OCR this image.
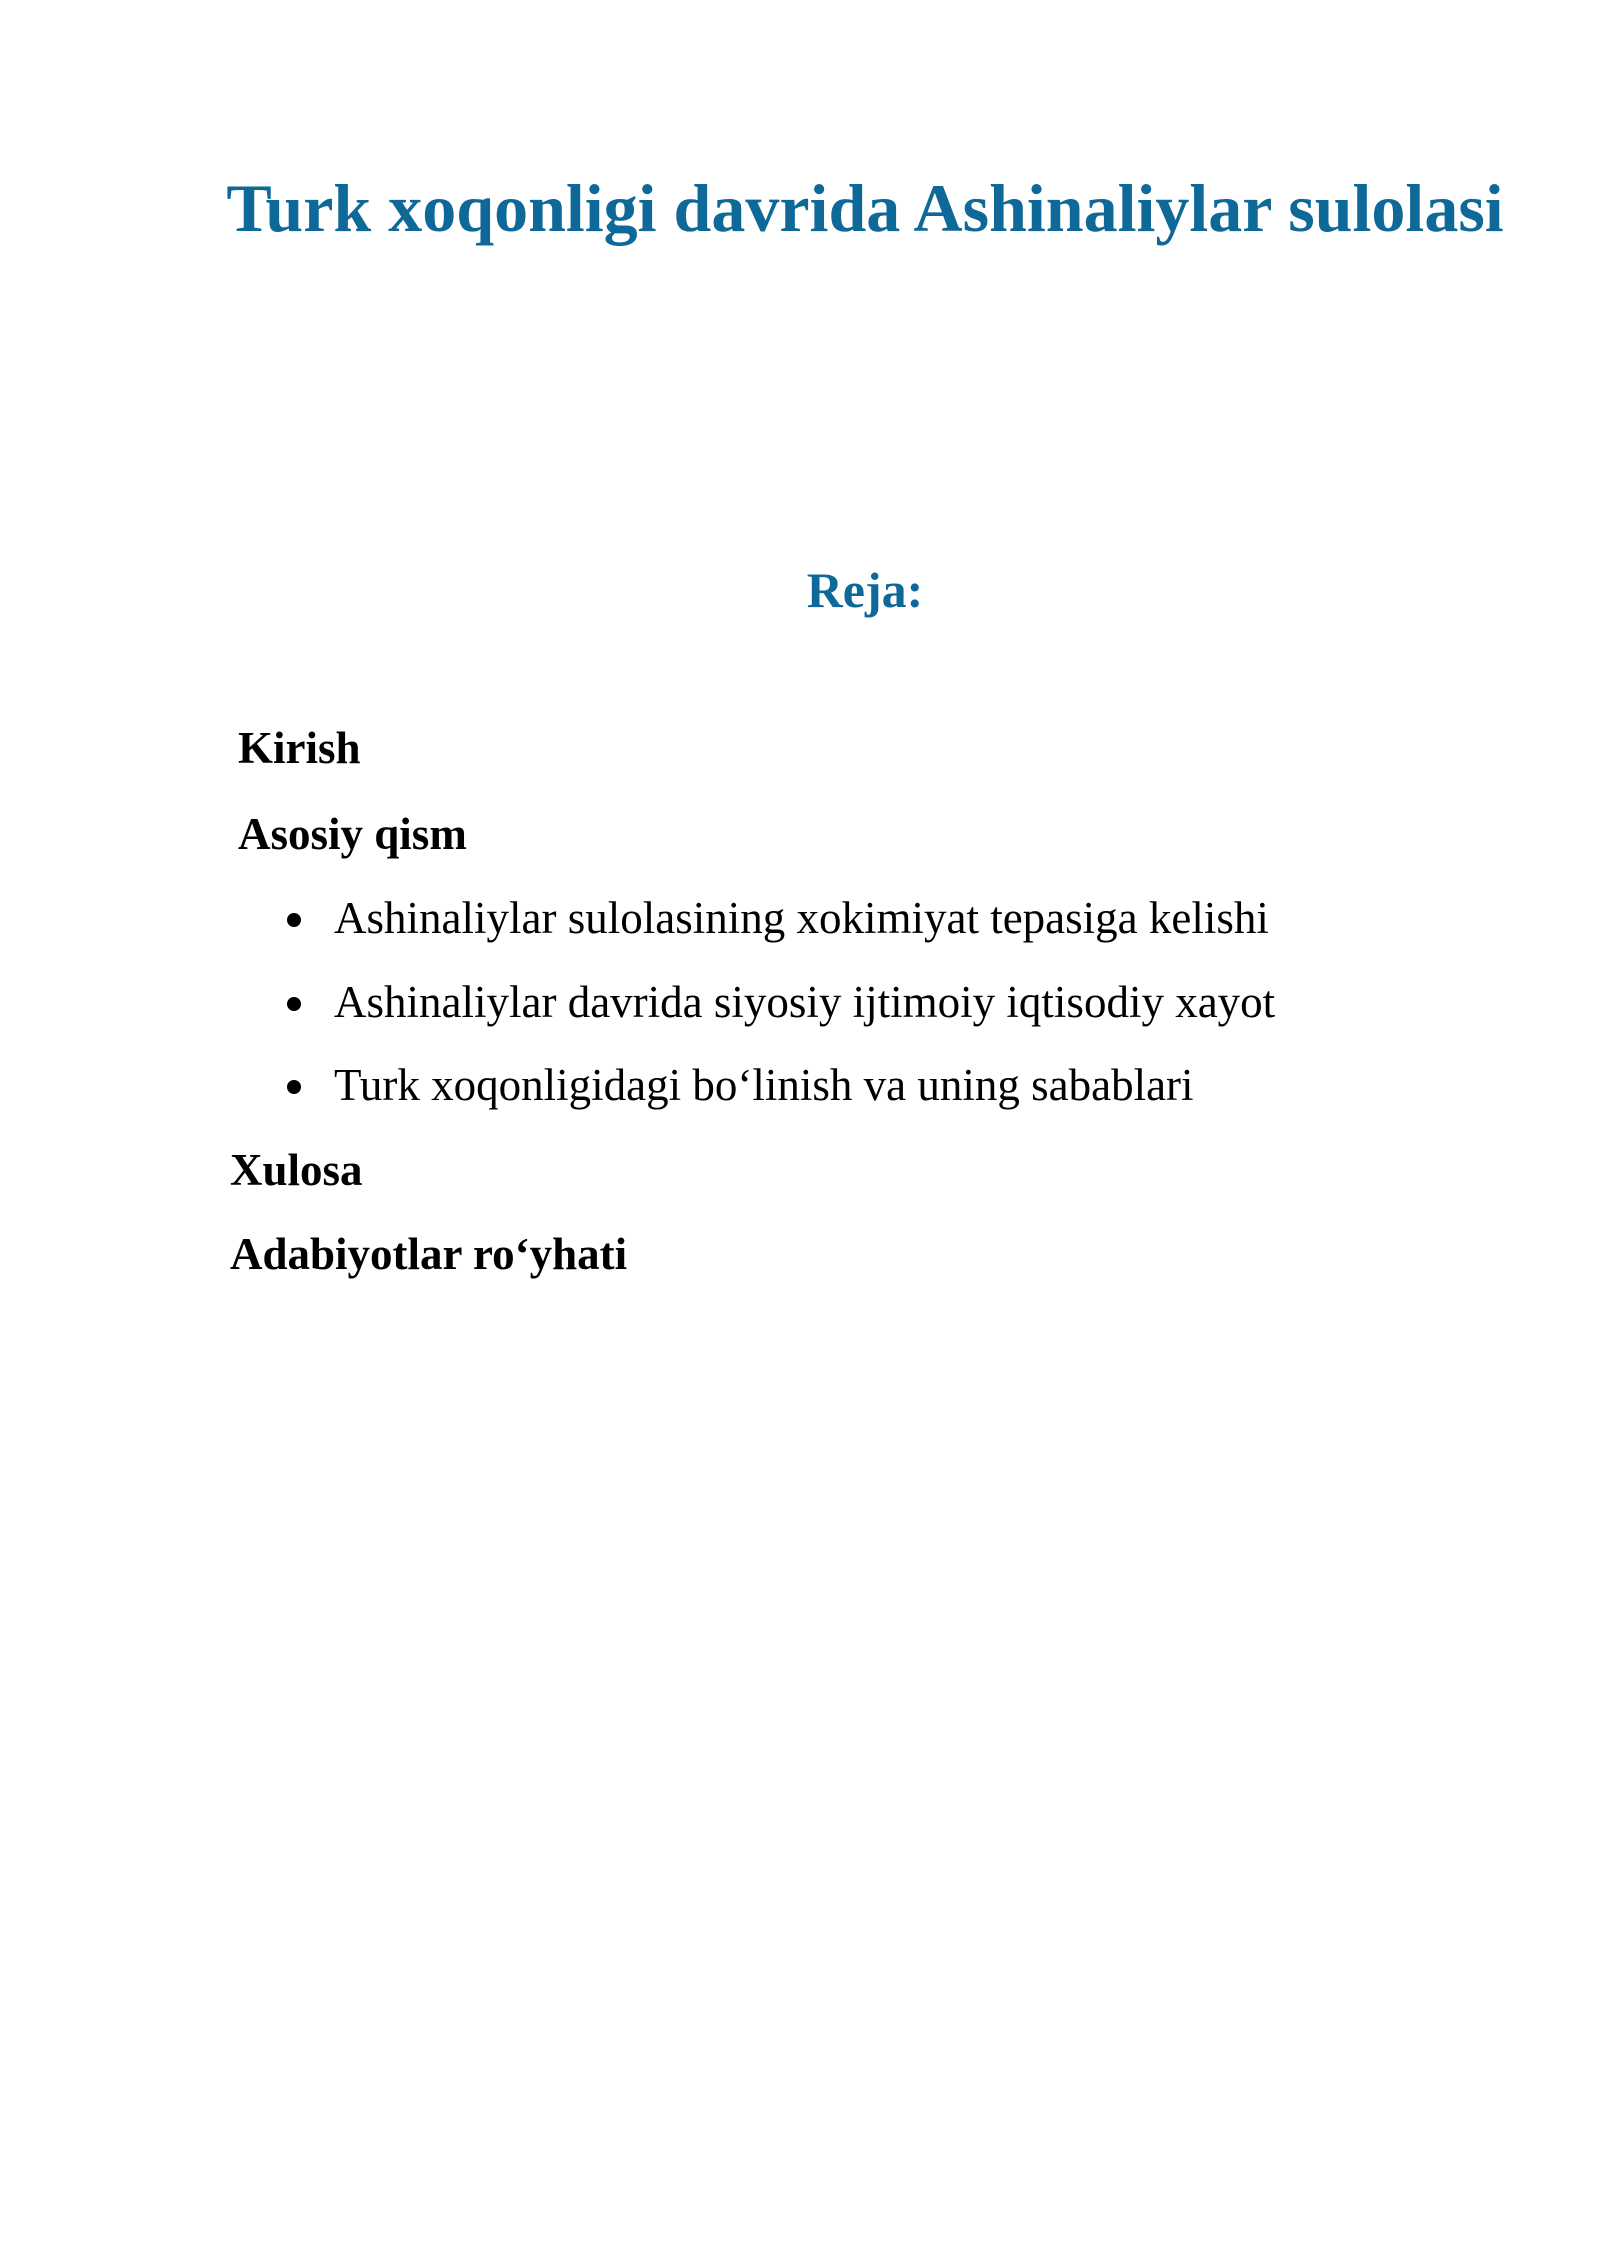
Turk xoqonligi davrida Ashinaliylar sulolasi
Reja:

Kirish

Asosiy qism

Ashinaliylar sulolasining xokimiyat tepasiga kelishi
Ashinaliylar davrida siyosiy ijtimoiy iqtisodiy xayot
Turk xoqonligidagi bo‘linish va uning sabablari

Xulosa

Adabiyotlar ro‘yhati
